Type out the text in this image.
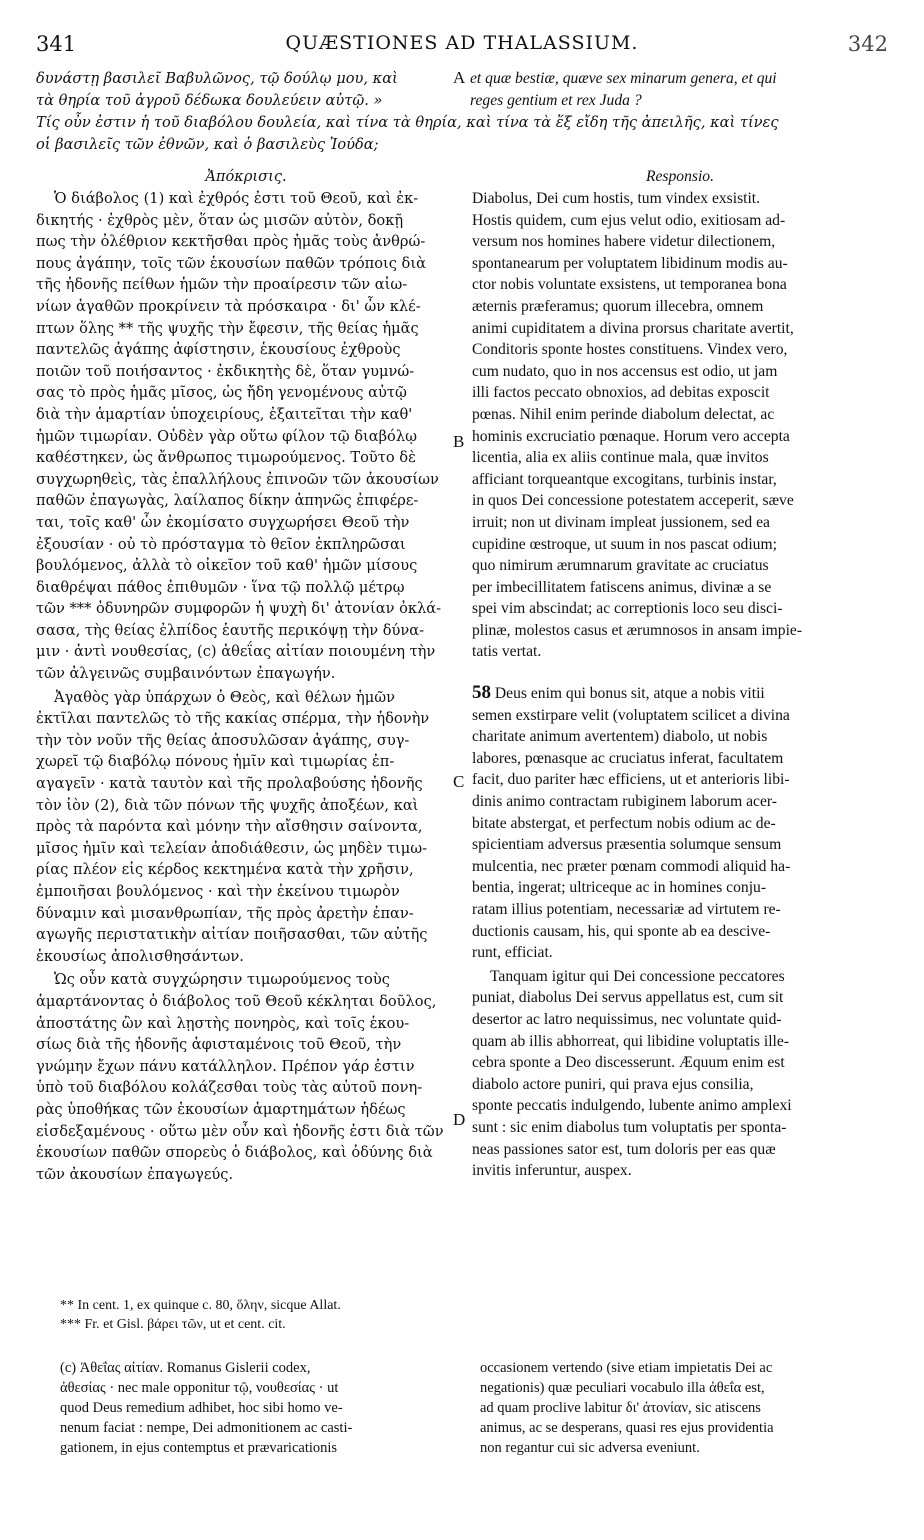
341	QUÆSTIONES AD THALASSIUM.	342
δυνάστῃ βασιλεῖ Βαβυλῶνος, τῷ δούλῳ μου, καὶ
τὰ θηρία τοῦ ἀγροῦ δέδωκα δουλεύειν αὐτῷ. »
A et quæ bestiæ, quæve sex minarum genera, et qui
reges gentium et rex Juda ?
Τίς οὖν ἐστιν ἡ τοῦ διαβόλου δουλεία, καὶ τίνα τὰ θηρία, καὶ τίνα τὰ ἕξ εἴδη τῆς ἀπειλῆς, καὶ τίνες
οἱ βασιλεῖς τῶν ἐθνῶν, καὶ ὁ βασιλεὺς Ἰούδα;
Ἀπόκρισις.	Responsio.
Ὁ διάβολος (1) καὶ ἐχθρός ἐστι τοῦ Θεοῦ, καὶ ἐκ-
δικητής · ἐχθρὸς μὲν, ὅταν ὡς μισῶν αὐτὸν, δοκῇ
πως τὴν ὀλέθριον κεκτῆσθαι πρὸς ἡμᾶς τοὺς ἀνθρώ-
πους ἀγάπην, τοῖς τῶν ἑκουσίων παθῶν τρόποις διὰ
τῆς ἡδονῆς πείθων ἡμῶν τὴν προαίρεσιν τῶν αἰω-
νίων ἀγαθῶν προκρίνειν τὰ πρόσκαιρα · δι' ὧν κλέ-
πτων ὅλης ** τῆς ψυχῆς τὴν ἔφεσιν, τῆς θείας ἡμᾶς
παντελῶς ἀγάπης ἀφίστησιν, ἑκουσίους ἐχθροὺς
ποιῶν τοῦ ποιήσαντος · ἐκδικητὴς δὲ, ὅταν γυμνώ-
σας τὸ πρὸς ἡμᾶς μῖσος, ὡς ἤδη γενομένους αὐτῷ
διὰ τὴν ἁμαρτίαν ὑποχειρίους, ἐξαιτεῖται τὴν καθ'
ἡμῶν τιμωρίαν. Οὐδὲν γὰρ οὕτω φίλον τῷ διαβόλῳ
καθέστηκεν, ὡς ἄνθρωπος τιμωρούμενος. Τοῦτο δὲ
συγχωρηθεὶς, τὰς ἐπαλλήλους ἐπινοῶν τῶν ἀκουσίων
παθῶν ἐπαγωγὰς, λαίλαπος δίκην ἀπηνῶς ἐπιφέρε-
ται, τοῖς καθ' ὧν ἐκομίσατο συγχωρήσει Θεοῦ τὴν
ἐξουσίαν · οὐ τὸ πρόσταγμα τὸ θεῖον ἐκπληρῶσαι
βουλόμενος, ἀλλὰ τὸ οἰκεῖον τοῦ καθ' ἡμῶν μίσους
διαθρέψαι πάθος ἐπιθυμῶν · ἵνα τῷ πολλῷ μέτρῳ
τῶν *** ὀδυνηρῶν συμφορῶν ἡ ψυχὴ δι' ἀτονίαν ὀκλά-
σασα, τὴς θείας ἐλπίδος ἑαυτῆς περικόψῃ τὴν δύνα-
μιν · ἀντὶ νουθεσίας, (c) ἀθεΐας αἰτίαν ποιουμένη τὴν
τῶν ἀλγεινῶς συμβαινόντων ἐπαγωγήν.
Ἀγαθὸς γὰρ ὑπάρχων ὁ Θεὸς, καὶ θέλων ἡμῶν
ἐκτῖλαι παντελῶς τὸ τῆς κακίας σπέρμα, τὴν ἡδονὴν
τὴν τὸν νοῦν τῆς θείας ἀποσυλῶσαν ἀγάπης, συγ-
χωρεῖ τῷ διαβόλῳ πόνους ἡμῖν καὶ τιμωρίας ἐπ-
αγαγεῖν · κατὰ ταυτὸν καὶ τῆς προλαβούσης ἡδονῆς
τὸν ἰὸν (2), διὰ τῶν πόνων τῆς ψυχῆς ἀποξέων, καὶ
πρὸς τὰ παρόντα καὶ μόνην τὴν αἴσθησιν σαίνοντα,
μῖσος ἡμῖν καὶ τελείαν ἀποδιάθεσιν, ὡς μηδὲν τιμω-
ρίας πλέον εἰς κέρδος κεκτημένα κατὰ τὴν χρῆσιν,
ἐμποιῆσαι βουλόμενος · καὶ τὴν ἐκείνου τιμωρὸν
δύναμιν καὶ μισανθρωπίαν, τῆς πρὸς ἀρετὴν ἐπαν-
αγωγῆς περιστατικὴν αἰτίαν ποιῆσασθαι, τῶν αὐτῆς
ἑκουσίως ἀπολισθησάντων.
Ὡς οὖν κατὰ συγχώρησιν τιμωρούμενος τοὺς
ἁμαρτάνοντας ὁ διάβολος τοῦ Θεοῦ κέκληται δοῦλος,
ἀποστάτης ὢν καὶ λῃστὴς πονηρὸς, καὶ τοῖς ἑκου-
σίως διὰ τῆς ἡδονῆς ἀφισταμένοις τοῦ Θεοῦ, τὴν
γνώμην ἔχων πάνυ κατάλληλον. Πρέπον γάρ ἐστιν
ὑπὸ τοῦ διαβόλου κολάζεσθαι τοὺς τὰς αὐτοῦ πονη-
ρὰς ὑποθήκας τῶν ἑκουσίων ἁμαρτημάτων ἡδέως
εἰσδεξαμένους · οὕτω μὲν οὖν καὶ ἡδονῆς ἐστι διὰ τῶν
ἑκουσίων παθῶν σπορεὺς ὁ διάβολος, καὶ ὀδύνης διὰ
τῶν ἀκουσίων ἐπαγωγεύς.
B
C
D
Diabolus, Dei cum hostis, tum vindex exsistit.
Hostis quidem, cum ejus velut odio, exitiosam ad-
versum nos homines habere videtur dilectionem,
spontanearum per voluptatem libidinum modis au-
ctor nobis voluntate exsistens, ut temporanea bona
æternis præferamus; quorum illecebra, omnem
animi cupiditatem a divina prorsus charitate avertit,
Conditoris sponte hostes constituens. Vindex vero,
cum nudato, quo in nos accensus est odio, ut jam
illi factos peccato obnoxios, ad debitas exposcit
pœnas. Nihil enim perinde diabolum delectat, ac
hominis excruciatio pœnaque. Horum vero accepta
licentia, alia ex aliis continue mala, quæ invitos
afficiant torqueantque excogitans, turbinis instar,
in quos Dei concessione potestatem acceperit, sæve
irruit; non ut divinam impleat jussionem, sed ea
cupidine œstroque, ut suum in nos pascat odium;
quo nimirum ærumnarum gravitate ac cruciatus
per imbecillitatem fatiscens animus, divinæ a se
spei vim abscindat; ac correptionis loco seu disci-
plinæ, molestos casus et ærumnosos in ansam impie-
tatis vertat.
58 Deus enim qui bonus sit, atque a nobis vitii
semen exstirpare velit (voluptatem scilicet a divina
charitate animum avertentem) diabolo, ut nobis
labores, pœnasque ac cruciatus inferat, facultatem
facit, duo pariter hæc efficiens, ut et anterioris libi-
dinis animo contractam rubiginem laborum acer-
bitate abstergat, et perfectum nobis odium ac de-
spicientiam adversus præsentia solumque sensum
mulcentia, nec præter pœnam commodi aliquid ha-
bentia, ingerat; ultriceque ac in homines conju-
ratam illius potentiam, necessariæ ad virtutem re-
ductionis causam, his, qui sponte ab ea descive-
runt, efficiat.
Tanquam igitur qui Dei concessione peccatores
puniat, diabolus Dei servus appellatus est, cum sit
desertor ac latro nequissimus, nec voluntate quid-
quam ab illis abhorreat, qui libidine voluptatis ille-
cebra sponte a Deo discesserunt. Æquum enim est
diabolo actore puniri, qui prava ejus consilia,
sponte peccatis indulgendo, lubente animo amplexi
sunt : sic enim diabolus tum voluptatis per sponta-
neas passiones sator est, tum doloris per eas quæ
invitis inferuntur, auspex.
** In cent. 1, ex quinque c. 80, ὅλην, sicque Allat.
*** Fr. et Gisl. βάρει τῶν, ut et cent. cit.
(c) Ἀθεΐας αἰτίαν. Romanus Gislerii codex,
ἀθεσίας · nec male opponitur τῷ, νουθεσίας · ut
quod Deus remedium adhibet, hoc sibi homo ve-
nenum faciat : nempe, Dei admonitionem ac casti-
gationem, in ejus contemptus et prævaricationis
occasionem vertendo (sive etiam impietatis Dei ac
negationis) quæ peculiari vocabulo illa ἀθεΐα est,
ad quam proclive labitur δι' ἀτονίαν, sic atiscens
animus, ac se desperans, quasi res ejus providentia
non regantur cui sic adversa eveniunt.
